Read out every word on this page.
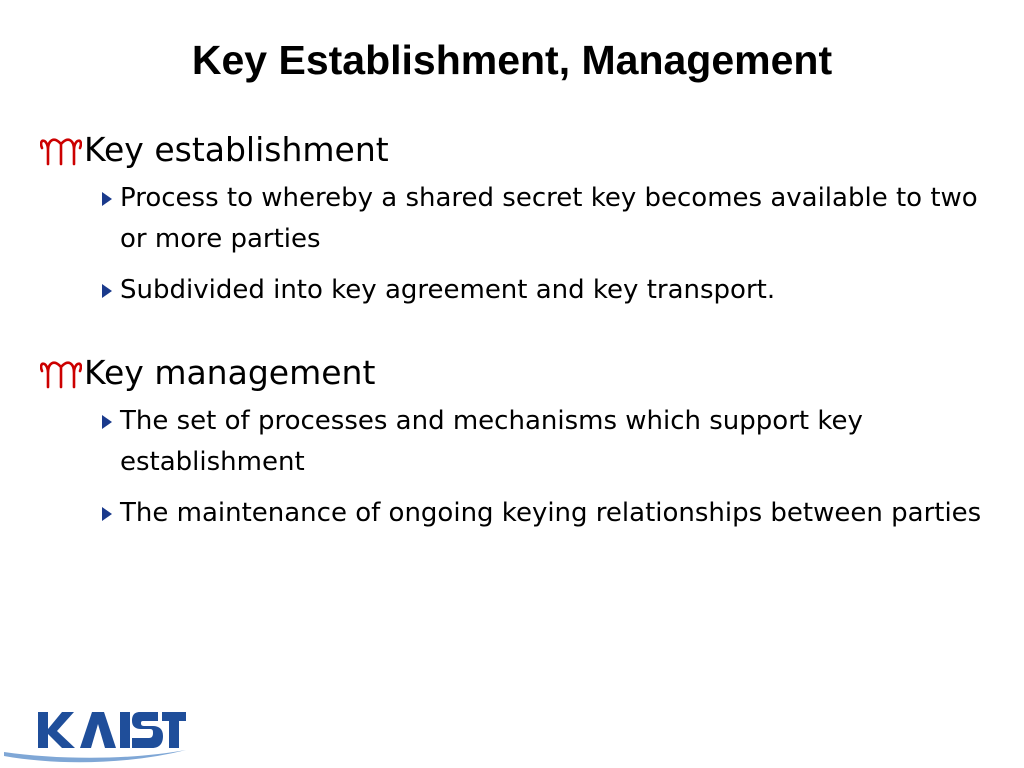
Key Establishment, Management
Key establishment
Process to whereby a shared secret key becomes available to two or more parties
Subdivided into key agreement and key transport.
Key management
The set of processes and mechanisms which support key establishment
The maintenance of ongoing keying relationships between parties
